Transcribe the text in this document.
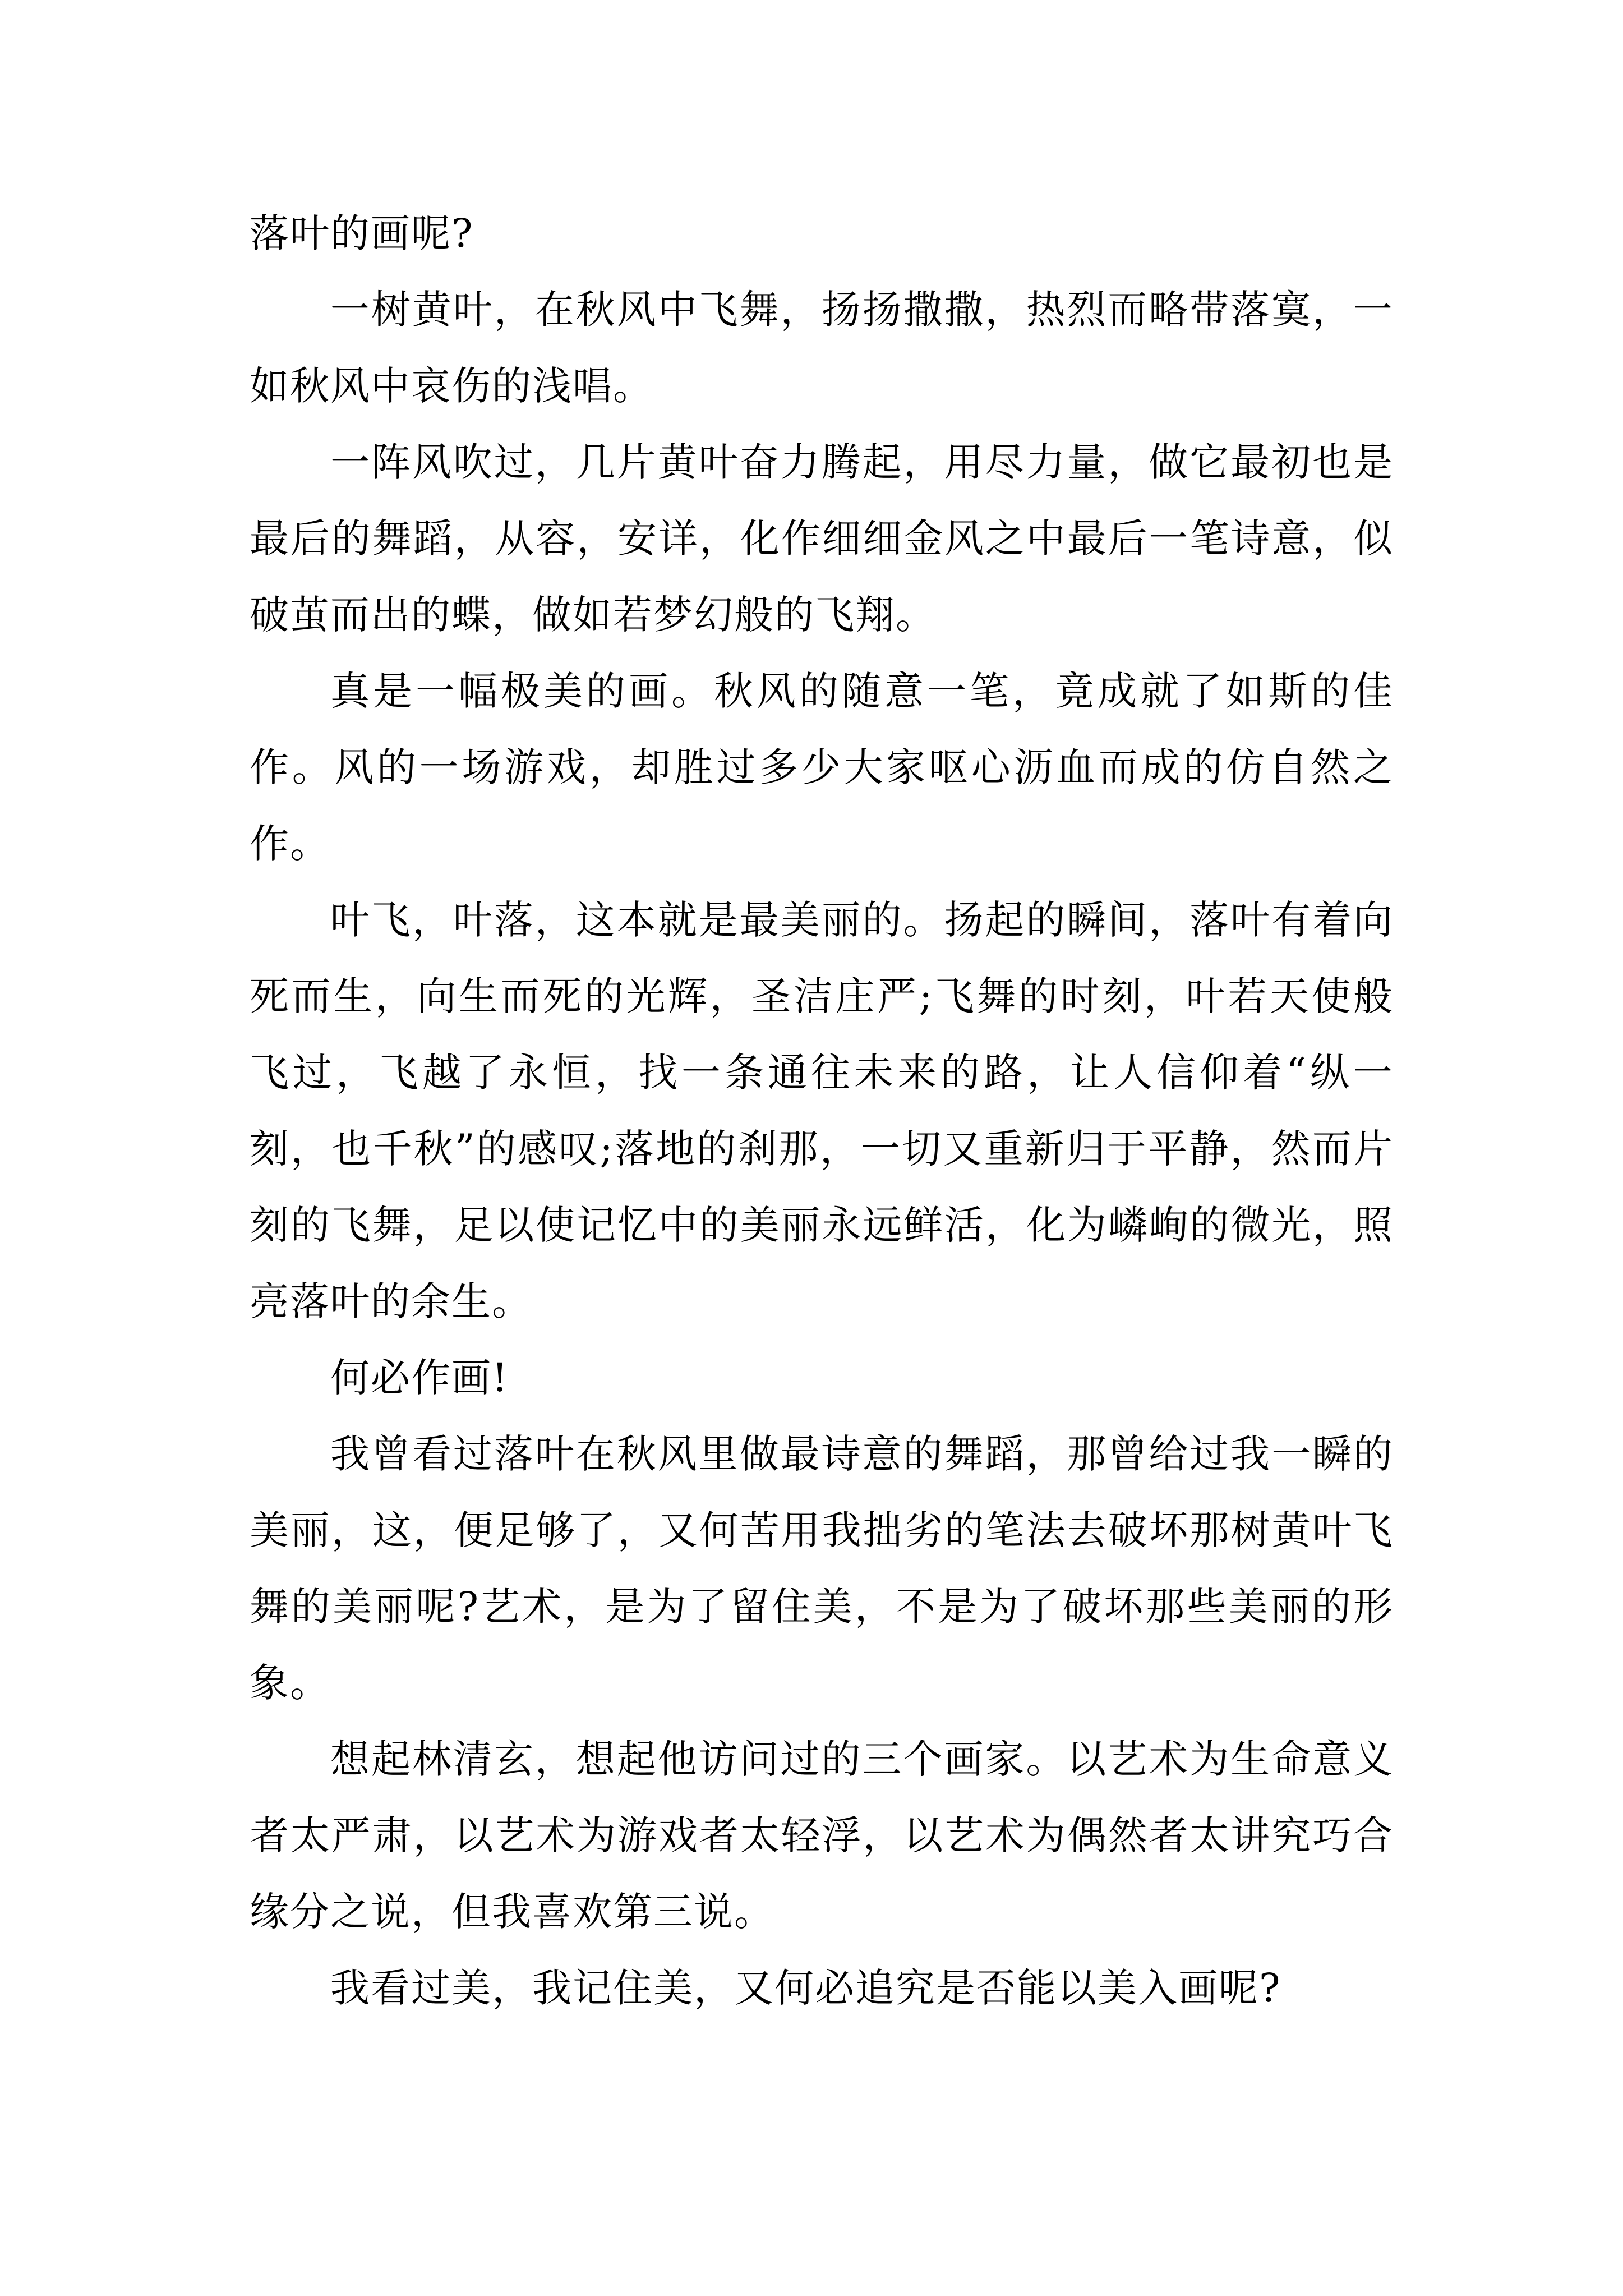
落叶的画呢?

一树黄叶，在秋风中飞舞，扬扬撒撒，热烈而略带落寞，一如秋风中哀伤的浅唱。

一阵风吹过，几片黄叶奋力腾起，用尽力量，做它最初也是最后的舞蹈，从容，安详，化作细细金风之中最后一笔诗意，似破茧而出的蝶，做如若梦幻般的飞翔。

真是一幅极美的画。秋风的随意一笔，竟成就了如斯的佳作。风的一场游戏，却胜过多少大家呕心沥血而成的仿自然之作。

叶飞，叶落，这本就是最美丽的。扬起的瞬间，落叶有着向死而生，向生而死的光辉，圣洁庄严;飞舞的时刻，叶若天使般飞过，飞越了永恒，找一条通往未来的路，让人信仰着“纵一刻，也千秋”的感叹;落地的刹那，一切又重新归于平静，然而片刻的飞舞，足以使记忆中的美丽永远鲜活，化为嶙峋的微光，照亮落叶的余生。

何必作画!

我曾看过落叶在秋风里做最诗意的舞蹈，那曾给过我一瞬的美丽，这，便足够了，又何苦用我拙劣的笔法去破坏那树黄叶飞舞的美丽呢?艺术，是为了留住美，不是为了破坏那些美丽的形象。

想起林清玄，想起他访问过的三个画家。以艺术为生命意义者太严肃，以艺术为游戏者太轻浮，以艺术为偶然者太讲究巧合缘分之说，但我喜欢第三说。

我看过美，我记住美，又何必追究是否能以美入画呢?
